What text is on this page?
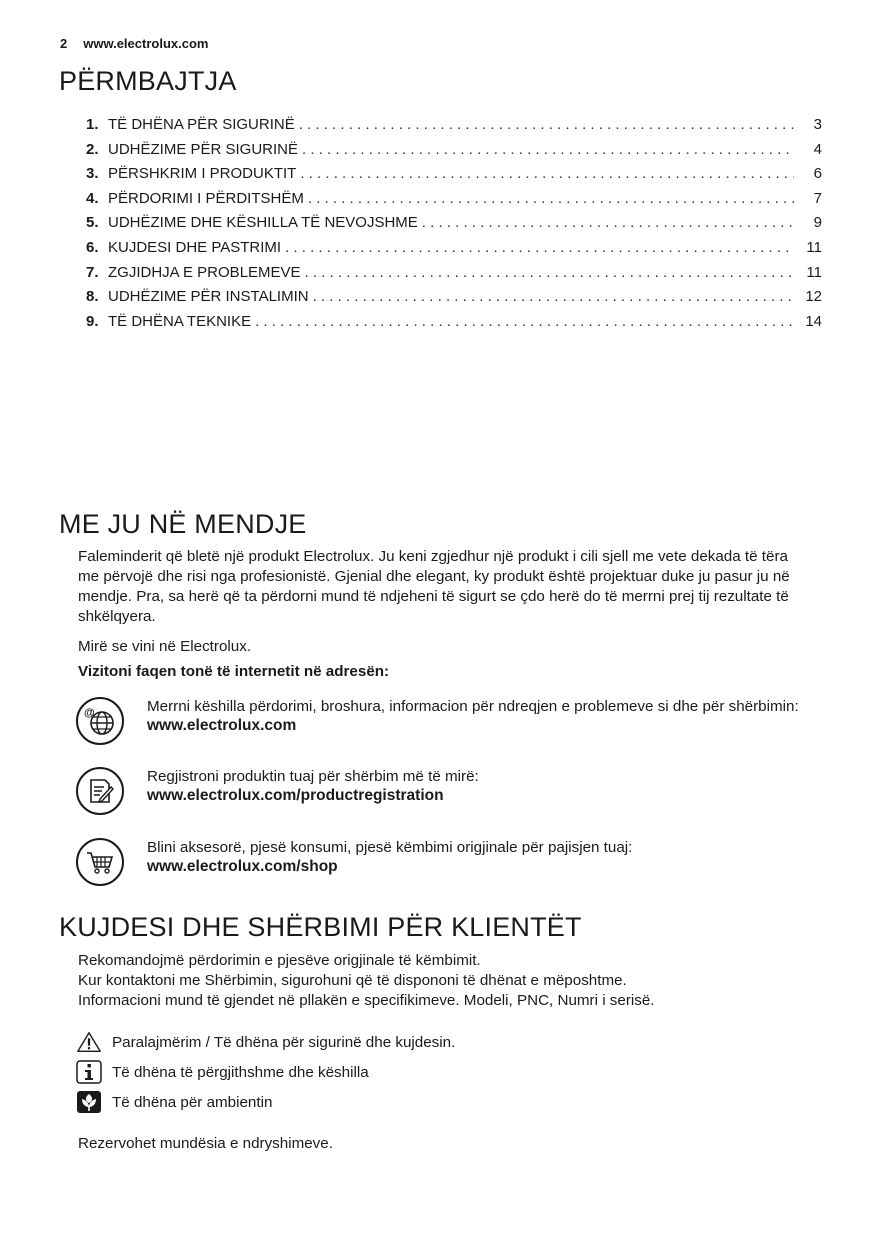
2 www.electrolux.com
PËRMBAJTJA
1. TË DHËNA PËR SIGURINË . . .	3
2. UDHËZIME PËR SIGURINË . . .	4
3. PËRSHKRIM I PRODUKTIT . . .	6
4. PËRDORIMI I PËRDITSHËM . . .	7
5. UDHËZIME DHE KËSHILLA TË NEVOJSHME . . .	9
6. KUJDESI DHE PASTRIMI . . .	11
7. ZGJIDHJA E PROBLEMEVE . . .	11
8. UDHËZIME PËR INSTALIMIN . . .	12
9. TË DHËNA TEKNIKE . . .	14
ME JU NË MENDJE
Faleminderit që bletë një produkt Electrolux. Ju keni zgjedhur një produkt i cili sjell me vete dekada të tëra me përvojë dhe risi nga profesionistë. Gjenial dhe elegant, ky produkt është projektuar duke ju pasur ju në mendje. Pra, sa herë që ta përdorni mund të ndjeheni të sigurt se çdo herë do të merrni prej tij rezultate të shkëlqyera.
Mirë se vini në Electrolux.
Vizitoni faqen tonë të internetit në adresën:
@	Merrni këshilla përdorimi, broshura, informacion për ndreqjen e problemeve si dhe për shërbimin:
www.electrolux.com
Regjistroni produktin tuaj për shërbim më të mirë:
www.electrolux.com/productregistration
Blini aksesorë, pjesë konsumi, pjesë këmbimi origjinale për pajisjen tuaj:
www.electrolux.com/shop
KUJDESI DHE SHËRBIMI PËR KLIENTËT
Rekomandojmë përdorimin e pjesëve origjinale të këmbimit.
Kur kontaktoni me Shërbimin, sigurohuni që të dispononi të dhënat e mëposhtme.
Informacioni mund të gjendet në pllakën e specifikimeve. Modeli, PNC, Numri i serisë.
Paralajmërim / Të dhëna për sigurinë dhe kujdesin.
Të dhëna të përgjithshme dhe këshilla
Të dhëna për ambientin
Rezervohet mundësia e ndryshimeve.
